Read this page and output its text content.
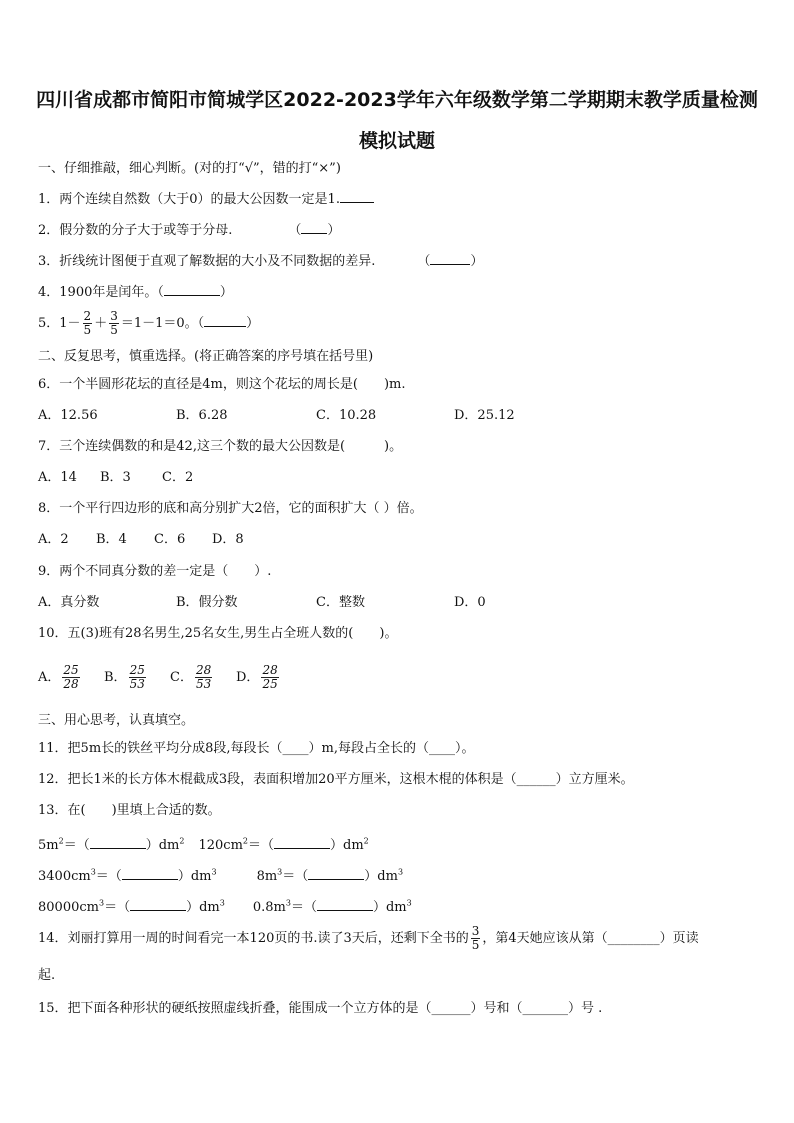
四川省成都市简阳市简城学区2022-2023学年六年级数学第二学期期末教学质量检测
模拟试题
一、仔细推敲，细心判断。(对的打“√”，错的打“×”)
1．两个连续自然数（大于0）的最大公因数一定是1.
2．假分数的分子大于或等于分母.	（ ）
3．折线统计图便于直观了解数据的大小及不同数据的差异.	（	）
4．1900年是闰年。（	）
5．$1- \frac{2}{5} + \frac{3}{5} =1-1=0$。（	）
二、反复思考，慎重选择。(将正确答案的序号填在括号里)
6．一个半圆形花坛的直径是4m，则这个花坛的周长是(　　)m.
A．12.56	B．6.28	C．10.28	D．25.12
7．三个连续偶数的和是42,这三个数的最大公因数是(　　　)。
A．14 B．3 C．2
8．一个平行四边形的底和高分别扩大2倍，它的面积扩大（ ）倍。
A．2 B．4 C．6 D．8
9．两个不同真分数的差一定是（　　）.
A．真分数	B．假分数	C．整数	D．0
10．五(3)班有28名男生,25名女生,男生占全班人数的(　　)。
A． $\frac{25}{28}$ B． $\frac{25}{53}$ C． $\frac{28}{53}$ D． $\frac{28}{25}$
三、用心思考，认真填空。
11．把5m长的铁丝平均分成8段,每段长（____）m,每段占全长的（____）。
12．把长1米的长方体木棍截成3段，表面积增加20平方厘米，这根木棍的体积是（______）立方厘米。
13．在(　　)里填上合适的数。
$5m^2=$（	）$dm^2$ $120cm^2=$（	）$dm^2$
$3400cm^3=$（	）$dm^3$	$8m^3=$（	）$dm^3$
$80000cm^3=$（	）$dm^3$ $0.8m^3=$（	）$dm^3$
14．刘丽打算用一周的时间看完一本120页的书.读了3天后，还剩下全书的 $\frac{3}{5}$ ，第4天她应该从第（________）页读
起.
15．把下面各种形状的硬纸按照虚线折叠，能围成一个立方体的是（______）号和（_______）号 .
